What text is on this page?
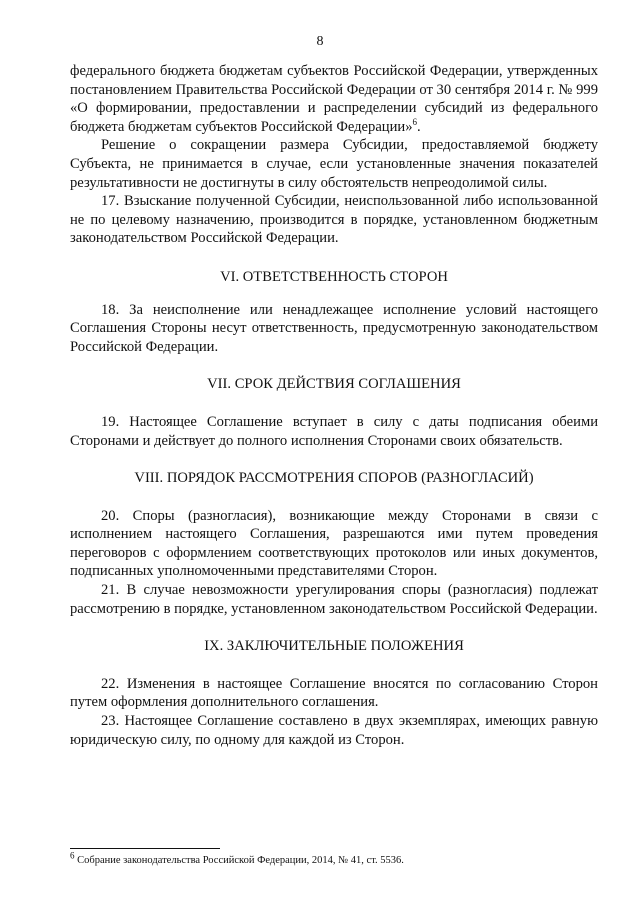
8

федерального бюджета бюджетам субъектов Российской Федерации, утвержденных постановлением Правительства Российской Федерации от 30 сентября 2014 г. № 999 «О формировании, предоставлении и распределении субсидий из федерального бюджета бюджетам субъектов Российской Федерации»$^6$.

Решение о сокращении размера Субсидии, предоставляемой бюджету Субъекта, не принимается в случае, если установленные значения показателей результативности не достигнуты в силу обстоятельств непреодолимой силы.

17. Взыскание полученной Субсидии, неиспользованной либо использованной не по целевому назначению, производится в порядке, установленном бюджетным законодательством Российской Федерации.

VI. ОТВЕТСТВЕННОСТЬ СТОРОН

18. За неисполнение или ненадлежащее исполнение условий настоящего Соглашения Стороны несут ответственность, предусмотренную законодательством Российской Федерации.

VII. СРОК ДЕЙСТВИЯ СОГЛАШЕНИЯ

19. Настоящее Соглашение вступает в силу с даты подписания обеими Сторонами и действует до полного исполнения Сторонами своих обязательств.

VIII. ПОРЯДОК РАССМОТРЕНИЯ СПОРОВ (РАЗНОГЛАСИЙ)

20. Споры (разногласия), возникающие между Сторонами в связи с исполнением настоящего Соглашения, разрешаются ими путем проведения переговоров с оформлением соответствующих протоколов или иных документов, подписанных уполномоченными представителями Сторон.

21. В случае невозможности урегулирования споры (разногласия) подлежат рассмотрению в порядке, установленном законодательством Российской Федерации.

IX. ЗАКЛЮЧИТЕЛЬНЫЕ ПОЛОЖЕНИЯ

22. Изменения в настоящее Соглашение вносятся по согласованию Сторон путем оформления дополнительного соглашения.

23. Настоящее Соглашение составлено в двух экземплярах, имеющих равную юридическую силу, по одному для каждой из Сторон.

$^6$ Собрание законодательства Российской Федерации, 2014, № 41, ст. 5536.
